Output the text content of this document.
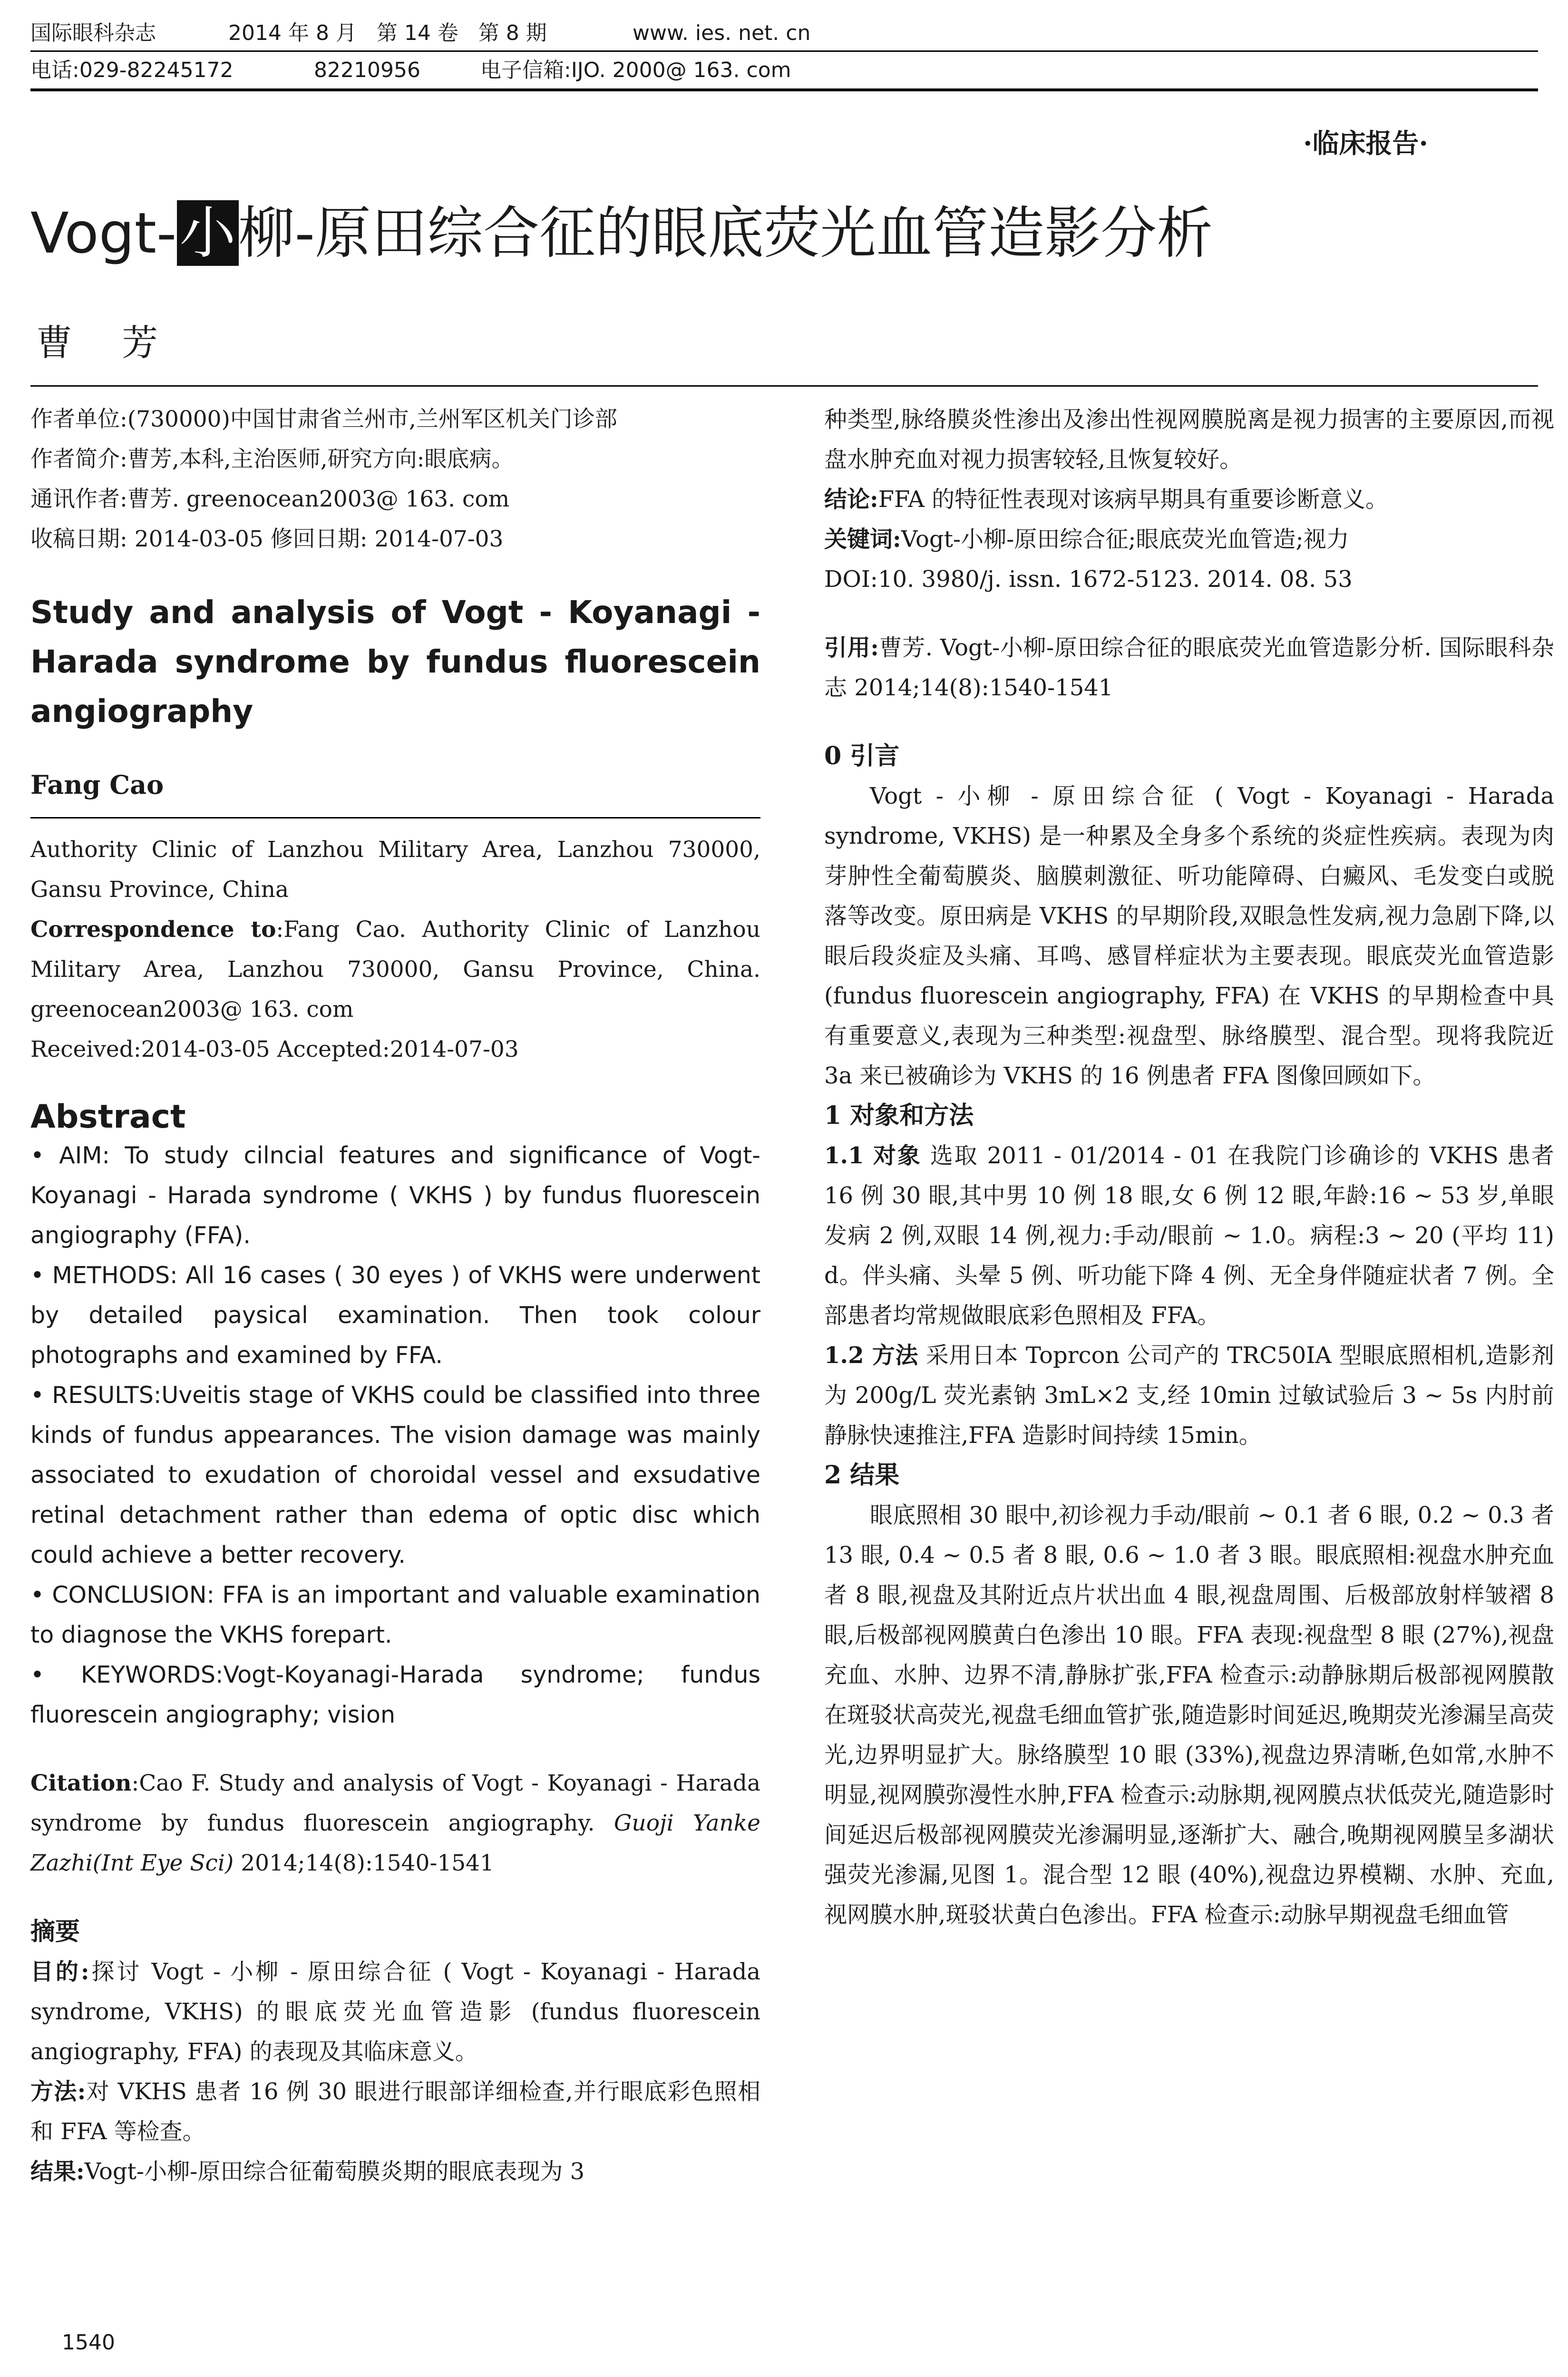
国际眼科杂志	2014 年 8 月   第 14 卷   第 8 期	www. ies. net. cn
电话:029-82245172	82210956	电子信箱:IJO. 2000@ 163. com
·临床报告·
Vogt-小柳-原田综合征的眼底荧光血管造影分析
曹 芳

作者单位:(730000)中国甘肃省兰州市,兰州军区机关门诊部

作者简介:曹芳,本科,主治医师,研究方向:眼底病。

通讯作者:曹芳. greenocean2003@ 163. com

收稿日期: 2014-03-05 修回日期: 2014-07-03

Study and analysis of Vogt - Koyanagi - Harada syndrome by fundus fluorescein angiography

Fang Cao

Authority Clinic of Lanzhou Military Area, Lanzhou 730000, Gansu Province, China

Correspondence to:Fang Cao. Authority Clinic of Lanzhou Military Area, Lanzhou 730000, Gansu Province, China. greenocean2003@ 163. com

Received:2014-03-05 Accepted:2014-07-03

Abstract

• AIM: To study cilncial features and significance of Vogt-Koyanagi - Harada syndrome ( VKHS ) by fundus fluorescein angiography (FFA).

• METHODS: All 16 cases ( 30 eyes ) of VKHS were underwent by detailed paysical examination. Then took colour photographs and examined by FFA.

• RESULTS:Uveitis stage of VKHS could be classified into three kinds of fundus appearances. The vision damage was mainly associated to exudation of choroidal vessel and exsudative retinal detachment rather than edema of optic disc which could achieve a better recovery.

• CONCLUSION: FFA is an important and valuable examination to diagnose the VKHS forepart.

• KEYWORDS:Vogt-Koyanagi-Harada syndrome; fundus fluorescein angiography; vision

Citation:Cao F. Study and analysis of Vogt - Koyanagi - Harada syndrome by fundus fluorescein angiography. Guoji Yanke Zazhi(Int Eye Sci) 2014;14(8):1540-1541

摘要

目的:探讨 Vogt - 小柳 - 原田综合征 ( Vogt - Koyanagi - Harada syndrome, VKHS) 的眼底荧光血管造影 (fundus fluorescein angiography, FFA) 的表现及其临床意义。

方法:对 VKHS 患者 16 例 30 眼进行眼部详细检查,并行眼底彩色照相和 FFA 等检查。

结果:Vogt-小柳-原田综合征葡萄膜炎期的眼底表现为 3

种类型,脉络膜炎性渗出及渗出性视网膜脱离是视力损害的主要原因,而视盘水肿充血对视力损害较轻,且恢复较好。

结论:FFA 的特征性表现对该病早期具有重要诊断意义。

关键词:Vogt-小柳-原田综合征;眼底荧光血管造;视力

DOI:10. 3980/j. issn. 1672-5123. 2014. 08. 53

引用:曹芳. Vogt-小柳-原田综合征的眼底荧光血管造影分析. 国际眼科杂志 2014;14(8):1540-1541

0 引言

Vogt - 小柳 - 原田综合征 ( Vogt - Koyanagi - Harada syndrome, VKHS) 是一种累及全身多个系统的炎症性疾病。表现为肉芽肿性全葡萄膜炎、脑膜刺激征、听功能障碍、白癜风、毛发变白或脱落等改变。原田病是 VKHS 的早期阶段,双眼急性发病,视力急剧下降,以眼后段炎症及头痛、耳鸣、感冒样症状为主要表现。眼底荧光血管造影 (fundus fluorescein angiography, FFA) 在 VKHS 的早期检查中具有重要意义,表现为三种类型:视盘型、脉络膜型、混合型。现将我院近 3a 来已被确诊为 VKHS 的 16 例患者 FFA 图像回顾如下。

1 对象和方法

1.1 对象 选取 2011 - 01/2014 - 01 在我院门诊确诊的 VKHS 患者 16 例 30 眼,其中男 10 例 18 眼,女 6 例 12 眼,年龄:16 ~ 53 岁,单眼发病 2 例,双眼 14 例,视力:手动/眼前 ~ 1.0。病程:3 ~ 20 (平均 11) d。伴头痛、头晕 5 例、听功能下降 4 例、无全身伴随症状者 7 例。全部患者均常规做眼底彩色照相及 FFA。

1.2 方法 采用日本 Toprcon 公司产的 TRC50IA 型眼底照相机,造影剂为 200g/L 荧光素钠 3mL×2 支,经 10min 过敏试验后 3 ~ 5s 内肘前静脉快速推注,FFA 造影时间持续 15min。

2 结果

眼底照相 30 眼中,初诊视力手动/眼前 ~ 0.1 者 6 眼, 0.2 ~ 0.3 者 13 眼, 0.4 ~ 0.5 者 8 眼, 0.6 ~ 1.0 者 3 眼。眼底照相:视盘水肿充血者 8 眼,视盘及其附近点片状出血 4 眼,视盘周围、后极部放射样皱褶 8 眼,后极部视网膜黄白色渗出 10 眼。FFA 表现:视盘型 8 眼 (27%),视盘充血、水肿、边界不清,静脉扩张,FFA 检查示:动静脉期后极部视网膜散在斑驳状高荧光,视盘毛细血管扩张,随造影时间延迟,晚期荧光渗漏呈高荧光,边界明显扩大。脉络膜型 10 眼 (33%),视盘边界清晰,色如常,水肿不明显,视网膜弥漫性水肿,FFA 检查示:动脉期,视网膜点状低荧光,随造影时间延迟后极部视网膜荧光渗漏明显,逐渐扩大、融合,晚期视网膜呈多湖状强荧光渗漏,见图 1。混合型 12 眼 (40%),视盘边界模糊、水肿、充血,视网膜水肿,斑驳状黄白色渗出。FFA 检查示:动脉早期视盘毛细血管

1540
